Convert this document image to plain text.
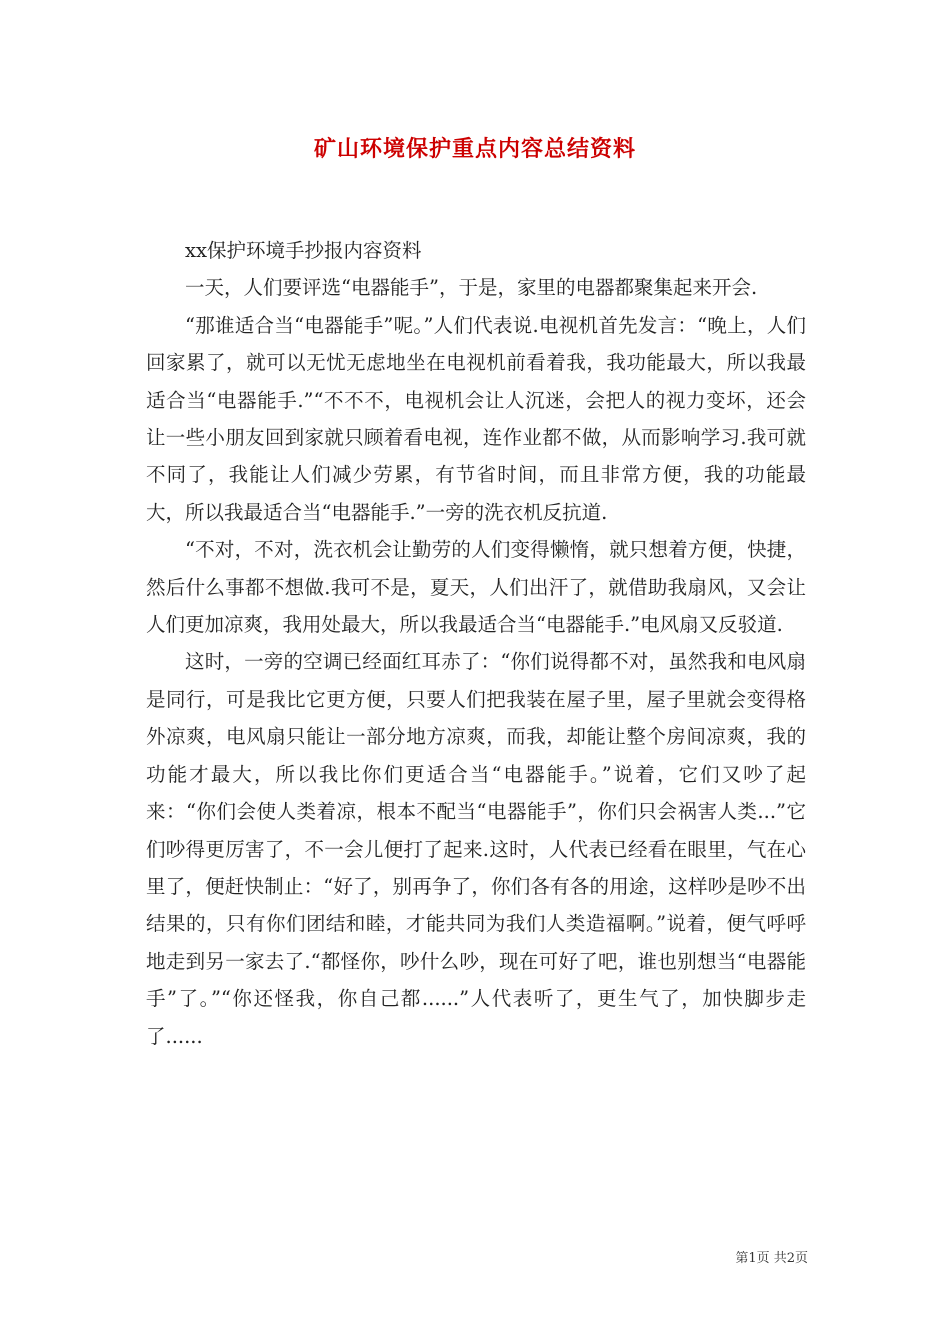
矿山环境保护重点内容总结资料

xx保护环境手抄报内容资料

一天，人们要评选“电器能手”，于是，家里的电器都聚集起来开会.

“那谁适合当“电器能手”呢。”人们代表说.电视机首先发言：“晚上，人们回家累了，就可以无忧无虑地坐在电视机前看着我，我功能最大，所以我最适合当“电器能手.”“不不不，电视机会让人沉迷，会把人的视力变坏，还会让一些小朋友回到家就只顾着看电视，连作业都不做，从而影响学习.我可就不同了，我能让人们减少劳累，有节省时间，而且非常方便，我的功能最大，所以我最适合当“电器能手.”一旁的洗衣机反抗道.

“不对，不对，洗衣机会让勤劳的人们变得懒惰，就只想着方便，快捷，然后什么事都不想做.我可不是，夏天，人们出汗了，就借助我扇风，又会让人们更加凉爽，我用处最大，所以我最适合当“电器能手.”电风扇又反驳道.

这时，一旁的空调已经面红耳赤了：“你们说得都不对，虽然我和电风扇是同行，可是我比它更方便，只要人们把我装在屋子里，屋子里就会变得格外凉爽，电风扇只能让一部分地方凉爽，而我，却能让整个房间凉爽，我的功能才最大，所以我比你们更适合当“电器能手。”说着，它们又吵了起来：“你们会使人类着凉，根本不配当“电器能手”，你们只会祸害人类...”它们吵得更厉害了，不一会儿便打了起来.这时，人代表已经看在眼里，气在心里了，便赶快制止：“好了，别再争了，你们各有各的用途，这样吵是吵不出结果的，只有你们团结和睦，才能共同为我们人类造福啊。”说着，便气呼呼地走到另一家去了.“都怪你，吵什么吵，现在可好了吧，谁也别想当“电器能手”了。”“你还怪我，你自己都......”人代表听了，更生气了，加快脚步走了......

第1页 共2页
